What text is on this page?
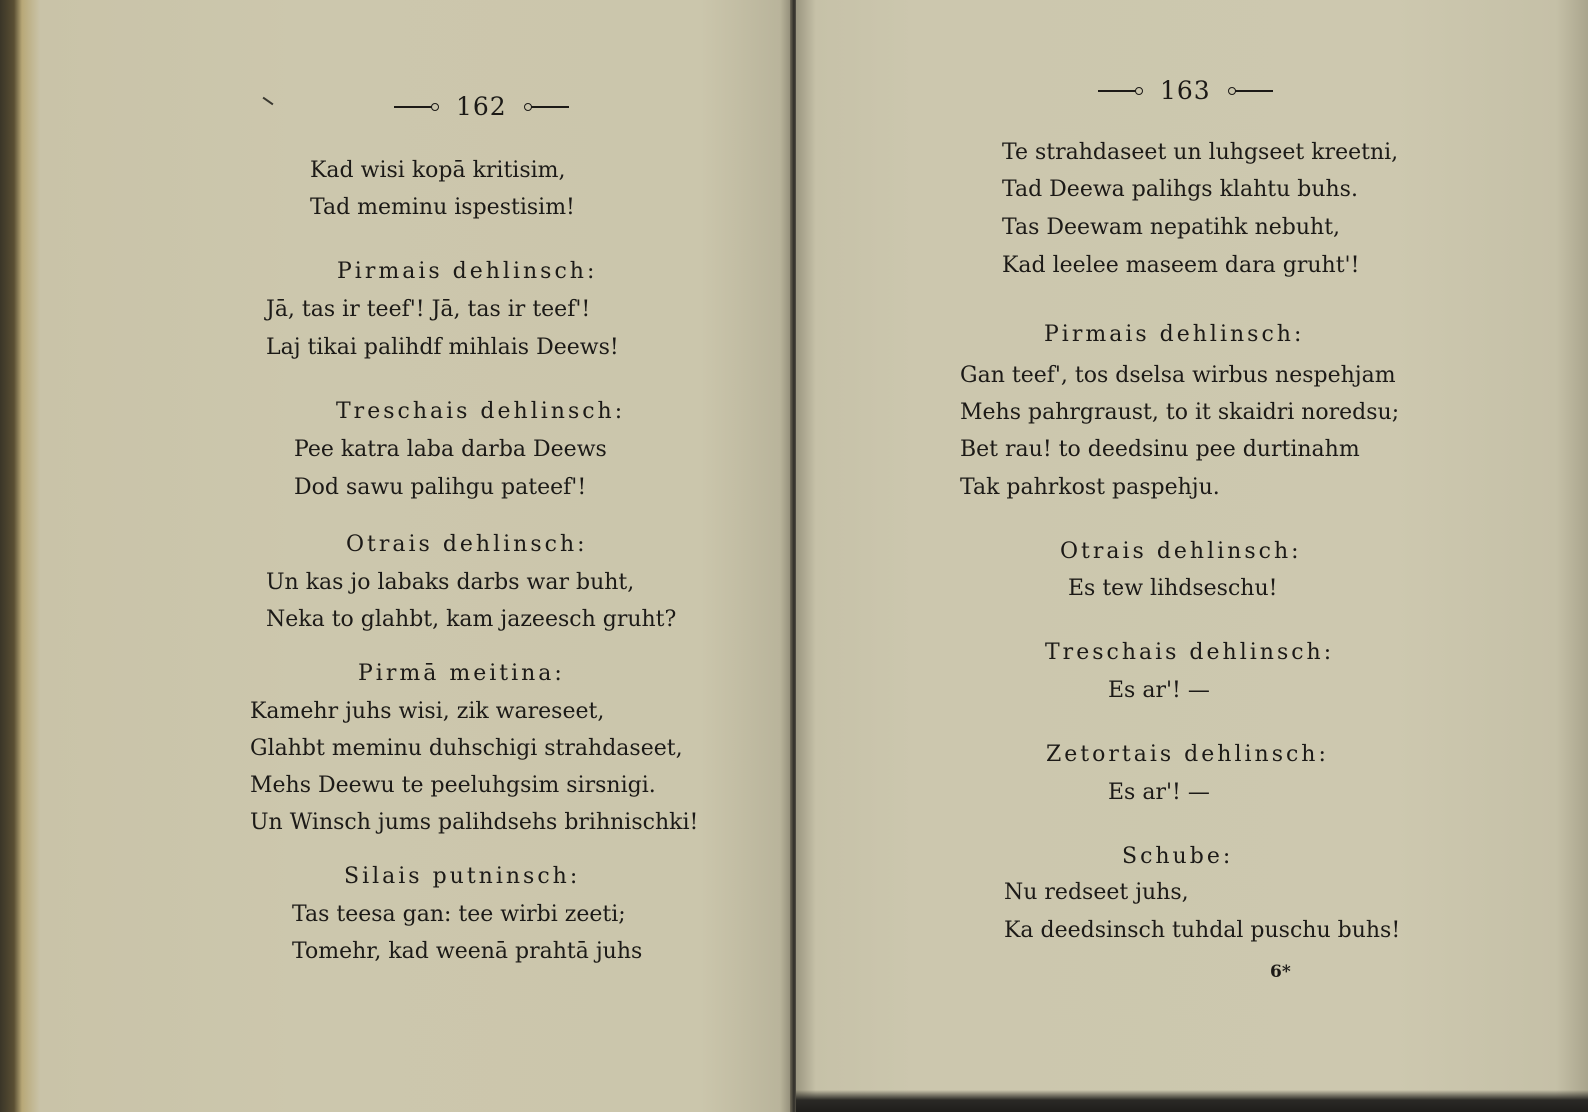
162
Kad wisi kopā kritisim,
Tad meminu ispestisim!
Pirmais dehlinsch:
Jā, tas ir teef'! Jā, tas ir teef'!
Laj tikai palihdf mihlais Deews!
Treschais dehlinsch:
Pee katra laba darba Deews
Dod sawu palihgu pateef'!
Otrais dehlinsch:
Un kas jo labaks darbs war buht,
Neka to glahbt, kam jazeesch gruht?
Pirmā meitina:
Kamehr juhs wisi, zik wareseet,
Glahbt meminu duhschigi strahdaseet,
Mehs Deewu te peeluhgsim sirsnigi.
Un Winsch jums palihdsehs brihnischki!
Silais putninsch:
Tas teesa gan: tee wirbi zeeti;
Tomehr, kad weenā prahtā juhs
163
Te strahdaseet un luhgseet kreetni,
Tad Deewa palihgs klahtu buhs.
Tas Deewam nepatihk nebuht,
Kad leelee maseem dara gruht'!
Pirmais dehlinsch:
Gan teef', tos dselsa wirbus nespehjam
Mehs pahrgraust, to it skaidri noredsu;
Bet rau! to deedsinu pee durtinahm
Tak pahrkost paspehju.
Otrais dehlinsch:
Es tew lihdseschu!
Treschais dehlinsch:
Es ar'! —
Zetortais dehlinsch:
Es ar'! —
Schube:
Nu redseet juhs,
Ka deedsinsch tuhdal puschu buhs!
6*
